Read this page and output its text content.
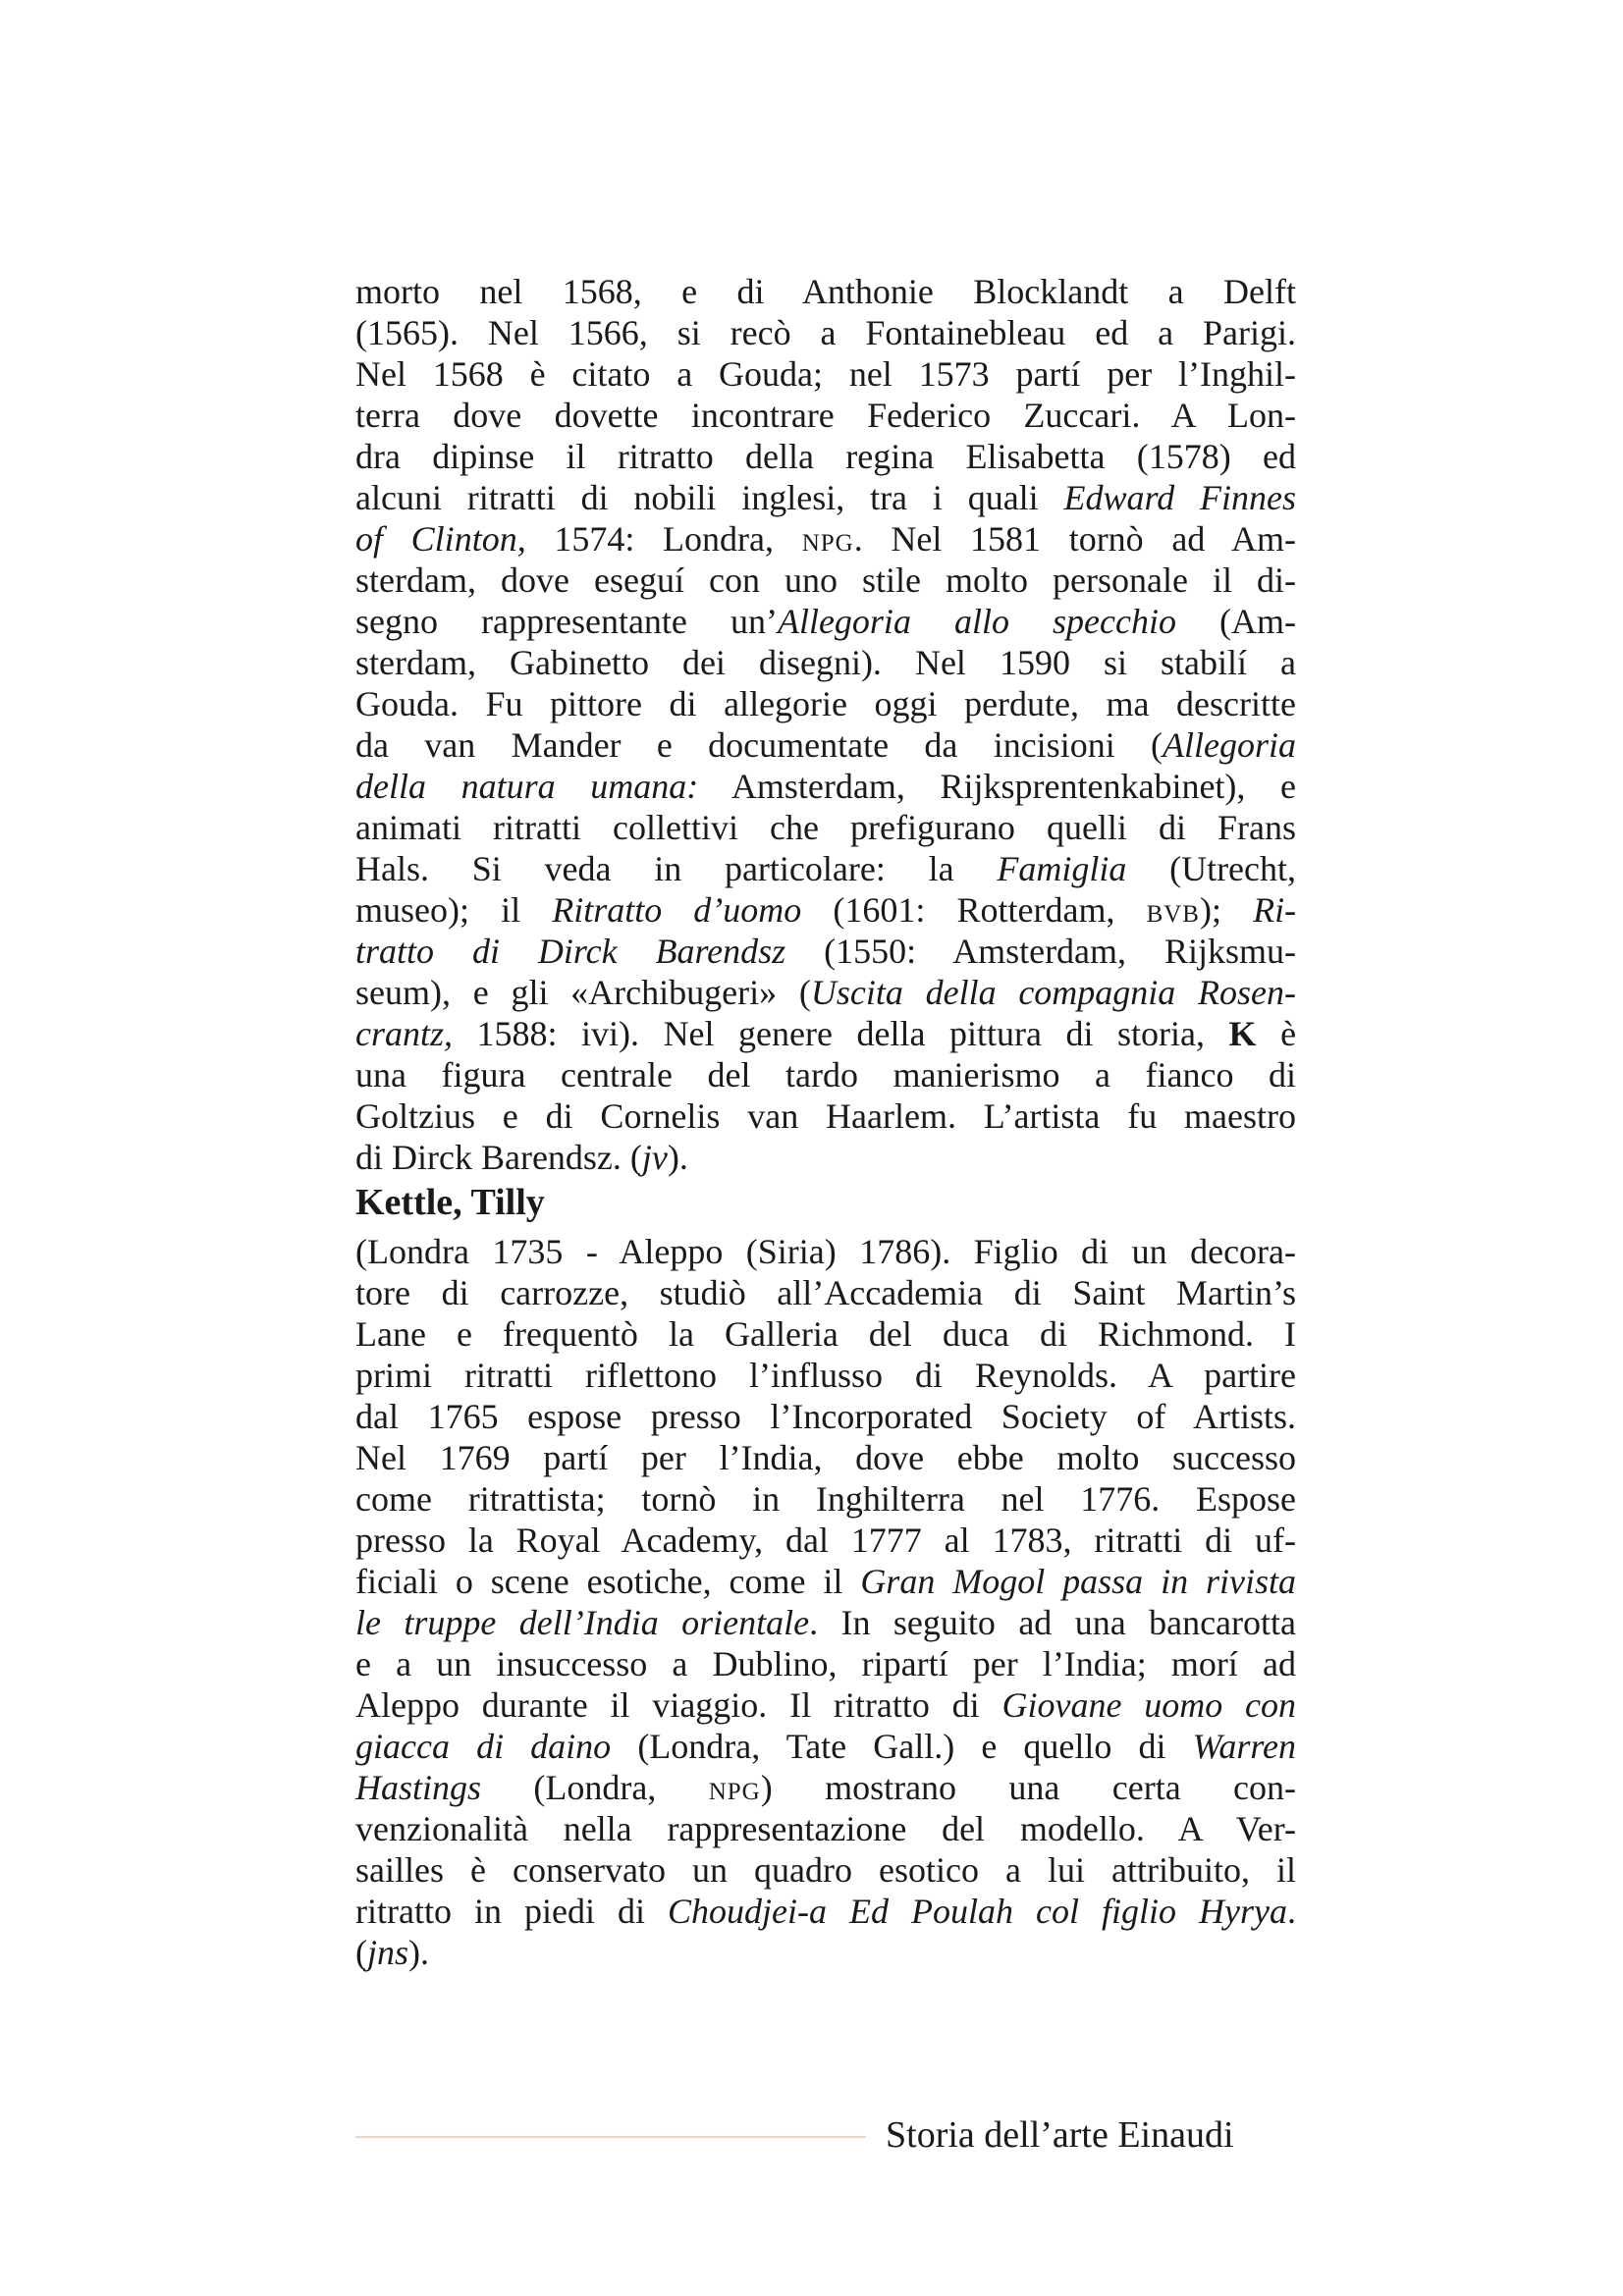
morto nel 1568, e di Anthonie Blocklandt a Delft
(1565). Nel 1566, si recò a Fontainebleau ed a Parigi.
Nel 1568 è citato a Gouda; nel 1573 partí per l’Inghil-
terra dove dovette incontrare Federico Zuccari. A Lon-
dra dipinse il ritratto della regina Elisabetta (1578) ed
alcuni ritratti di nobili inglesi, tra i quali Edward Finnes
of Clinton, 1574: Londra, NPG. Nel 1581 tornò ad Am-
sterdam, dove eseguí con uno stile molto personale il di-
segno rappresentante un’Allegoria allo specchio (Am-
sterdam, Gabinetto dei disegni). Nel 1590 si stabilí a
Gouda. Fu pittore di allegorie oggi perdute, ma descritte
da van Mander e documentate da incisioni (Allegoria
della natura umana: Amsterdam, Rijksprentenkabinet), e
animati ritratti collettivi che prefigurano quelli di Frans
Hals. Si veda in particolare: la Famiglia (Utrecht,
museo); il Ritratto d’uomo (1601: Rotterdam, BVB); Ri-
tratto di Dirck Barendsz (1550: Amsterdam, Rijksmu-
seum), e gli «Archibugeri» (Uscita della compagnia Rosen-
crantz, 1588: ivi). Nel genere della pittura di storia, K è
una figura centrale del tardo manierismo a fianco di
Goltzius e di Cornelis van Haarlem. L’artista fu maestro
di Dirck Barendsz. (jv).
Kettle, Tilly
(Londra 1735 - Aleppo (Siria) 1786). Figlio di un decora-
tore di carrozze, studiò all’Accademia di Saint Martin’s
Lane e frequentò la Galleria del duca di Richmond. I
primi ritratti riflettono l’influsso di Reynolds. A partire
dal 1765 espose presso l’Incorporated Society of Artists.
Nel 1769 partí per l’India, dove ebbe molto successo
come ritrattista; tornò in Inghilterra nel 1776. Espose
presso la Royal Academy, dal 1777 al 1783, ritratti di uf-
ficiali o scene esotiche, come il Gran Mogol passa in rivista
le truppe dell’India orientale. In seguito ad una bancarotta
e a un insuccesso a Dublino, ripartí per l’India; morí ad
Aleppo durante il viaggio. Il ritratto di Giovane uomo con
giacca di daino (Londra, Tate Gall.) e quello di Warren
Hastings (Londra, NPG) mostrano una certa con-
venzionalità nella rappresentazione del modello. A Ver-
sailles è conservato un quadro esotico a lui attribuito, il
ritratto in piedi di Choudjei-a Ed Poulah col figlio Hyrya.
(jns).
Storia dell’arte Einaudi
